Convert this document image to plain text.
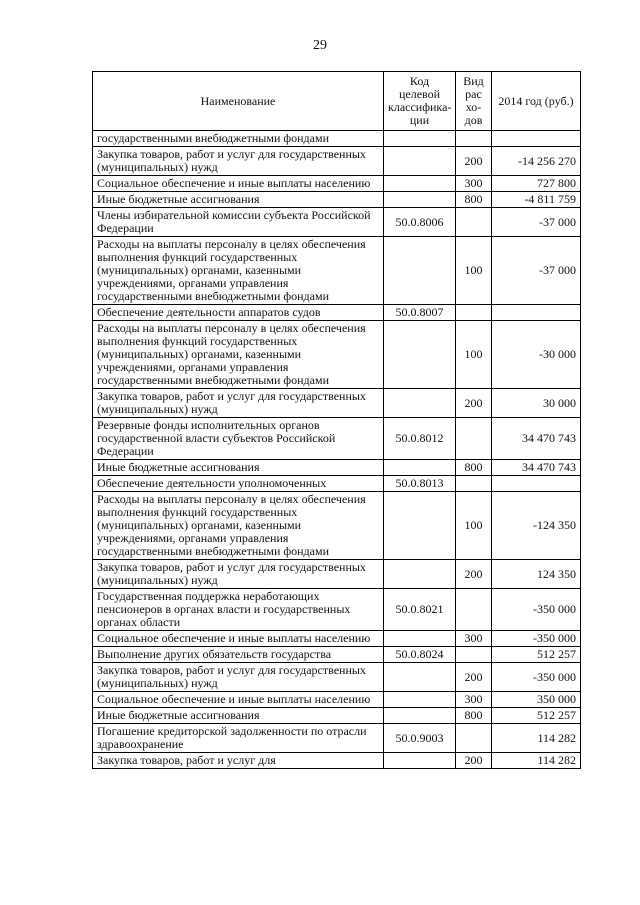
29
Наименование	Код целевой классифика-ции	Вид рас хо-дов	2014 год (руб.)
государственными внебюджетными фондами			
Закупка товаров, работ и услуг для государственных (муниципальных) нужд		200	-14 256 270
Социальное обеспечение и иные выплаты населению		300	727 800
Иные бюджетные ассигнования		800	-4 811 759
Члены избирательной комиссии субъекта Российской Федерации	50.0.8006		-37 000
Расходы на выплаты персоналу в целях обеспечения выполнения функций государственных (муниципальных) органами, казенными учреждениями, органами управления государственными внебюджетными фондами		100	-37 000
Обеспечение деятельности аппаратов судов	50.0.8007		
Расходы на выплаты персоналу в целях обеспечения выполнения функций государственных (муниципальных) органами, казенными учреждениями, органами управления государственными внебюджетными фондами		100	-30 000
Закупка товаров, работ и услуг для государственных (муниципальных) нужд		200	30 000
Резервные фонды исполнительных органов государственной власти субъектов Российской Федерации	50.0.8012		34 470 743
Иные бюджетные ассигнования		800	34 470 743
Обеспечение деятельности уполномоченных	50.0.8013		
Расходы на выплаты персоналу в целях обеспечения выполнения функций государственных (муниципальных) органами, казенными учреждениями, органами управления государственными внебюджетными фондами		100	-124 350
Закупка товаров, работ и услуг для государственных (муниципальных) нужд		200	124 350
Государственная поддержка неработающих пенсионеров в органах власти и государственных органах области	50.0.8021		-350 000
Социальное обеспечение и иные выплаты населению		300	-350 000
Выполнение других обязательств государства	50.0.8024		512 257
Закупка товаров, работ и услуг для государственных (муниципальных) нужд		200	-350 000
Социальное обеспечение и иные выплаты населению		300	350 000
Иные бюджетные ассигнования		800	512 257
Погашение кредиторской задолженности по отрасли здравоохранение	50.0.9003		114 282
Закупка товаров, работ и услуг для		200	114 282
